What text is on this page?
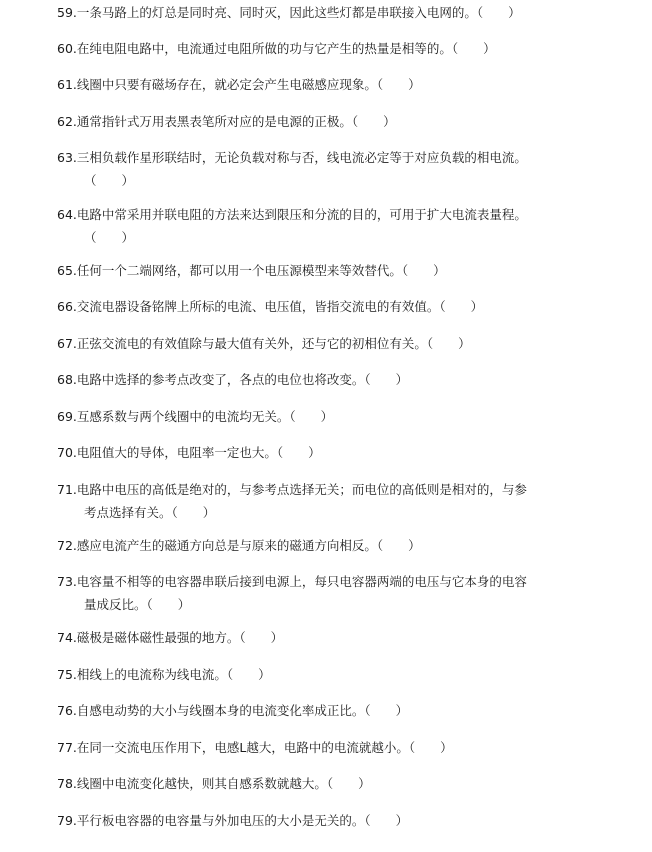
59.一条马路上的灯总是同时亮、同时灭，因此这些灯都是串联接入电网的。（　　）
60.在纯电阻电路中，电流通过电阻所做的功与它产生的热量是相等的。（　　）
61.线圈中只要有磁场存在，就必定会产生电磁感应现象。（　　）
62.通常指针式万用表黑表笔所对应的是电源的正极。（　　）
63.三相负载作星形联结时，无论负载对称与否，线电流必定等于对应负载的相电流。
（　　）
64.电路中常采用并联电阻的方法来达到限压和分流的目的，可用于扩大电流表量程。
（　　）
65.任何一个二端网络，都可以用一个电压源模型来等效替代。（　　）
66.交流电器设备铭牌上所标的电流、电压值，皆指交流电的有效值。（　　）
67.正弦交流电的有效值除与最大值有关外，还与它的初相位有关。（　　）
68.电路中选择的参考点改变了，各点的电位也将改变。（　　）
69.互感系数与两个线圈中的电流均无关。（　　）
70.电阻值大的导体，电阻率一定也大。（　　）
71.电路中电压的高低是绝对的，与参考点选择无关；而电位的高低则是相对的，与参
考点选择有关。（　　）
72.感应电流产生的磁通方向总是与原来的磁通方向相反。（　　）
73.电容量不相等的电容器串联后接到电源上，每只电容器两端的电压与它本身的电容
量成反比。（　　）
74.磁极是磁体磁性最强的地方。（　　）
75.相线上的电流称为线电流。（　　）
76.自感电动势的大小与线圈本身的电流变化率成正比。（　　）
77.在同一交流电压作用下，电感L越大，电路中的电流就越小。（　　）
78.线圈中电流变化越快，则其自感系数就越大。（　　）
79.平行板电容器的电容量与外加电压的大小是无关的。（　　）
